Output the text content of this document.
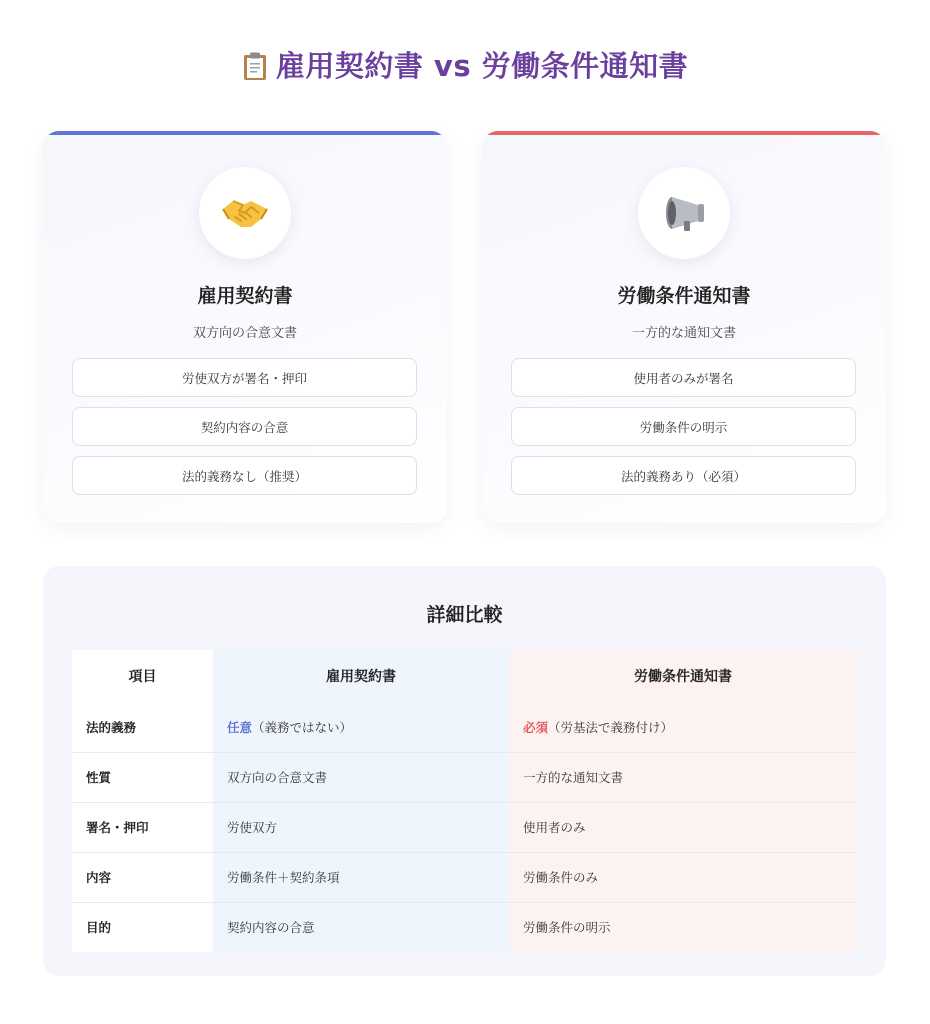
雇用契約書 vs 労働条件通知書
雇用契約書
双方向の合意文書
労使双方が署名・押印
契約内容の合意
法的義務なし（推奨）
労働条件通知書
一方的な通知文書
使用者のみが署名
労働条件の明示
法的義務あり（必須）
詳細比較
項目	雇用契約書	労働条件通知書
法的義務	任意（義務ではない）	必須（労基法で義務付け）
性質	双方向の合意文書	一方的な通知文書
署名・押印	労使双方	使用者のみ
内容	労働条件＋契約条項	労働条件のみ
目的	契約内容の合意	労働条件の明示
